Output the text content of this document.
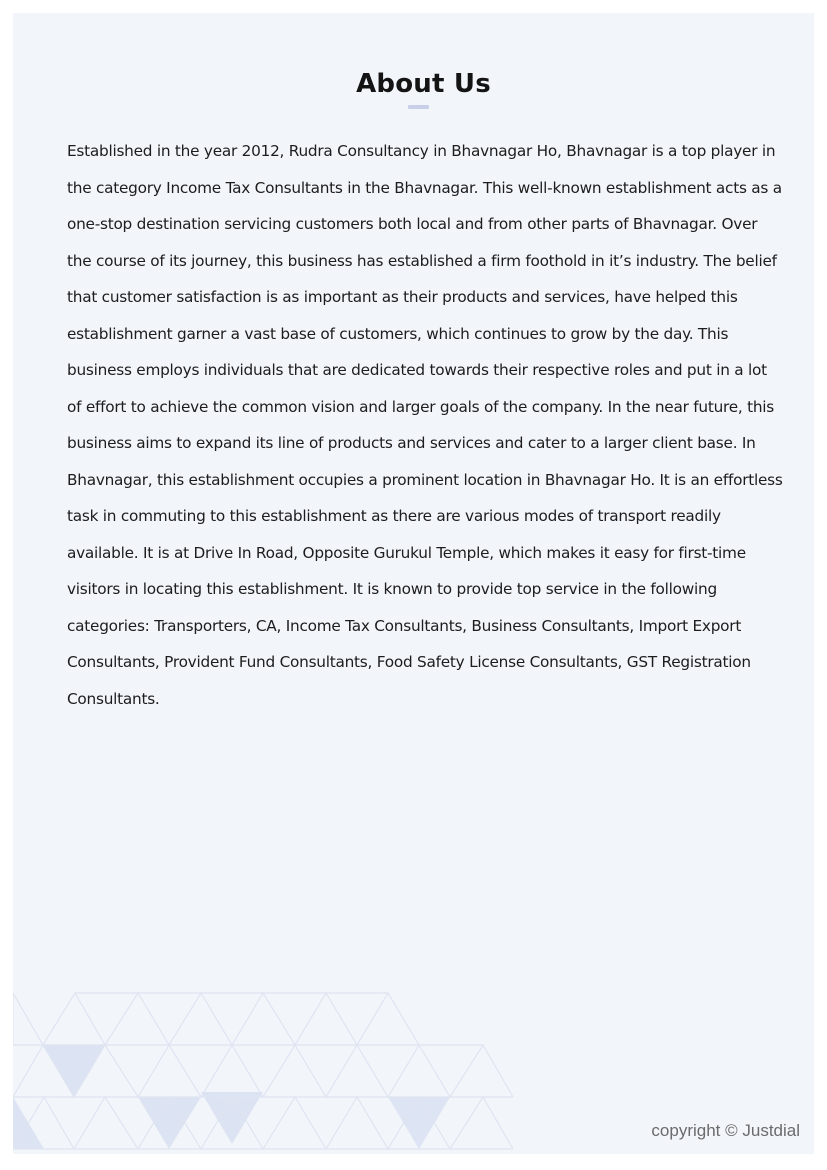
About Us

Established in the year 2012, Rudra Consultancy in Bhavnagar Ho, Bhavnagar is a top player in the category Income Tax Consultants in the Bhavnagar. This well-known establishment acts as a one-stop destination servicing customers both local and from other parts of Bhavnagar. Over the course of its journey, this business has established a firm foothold in it’s industry. The belief that customer satisfaction is as important as their products and services, have helped this establishment garner a vast base of customers, which continues to grow by the day. This business employs individuals that are dedicated towards their respective roles and put in a lot of effort to achieve the common vision and larger goals of the company. In the near future, this business aims to expand its line of products and services and cater to a larger client base. In Bhavnagar, this establishment occupies a prominent location in Bhavnagar Ho. It is an effortless task in commuting to this establishment as there are various modes of transport readily available. It is at Drive In Road, Opposite Gurukul Temple, which makes it easy for first-time visitors in locating this establishment. It is known to provide top service in the following categories: Transporters, CA, Income Tax Consultants, Business Consultants, Import Export Consultants, Provident Fund Consultants, Food Safety License Consultants, GST Registration Consultants.

copyright © Justdial
